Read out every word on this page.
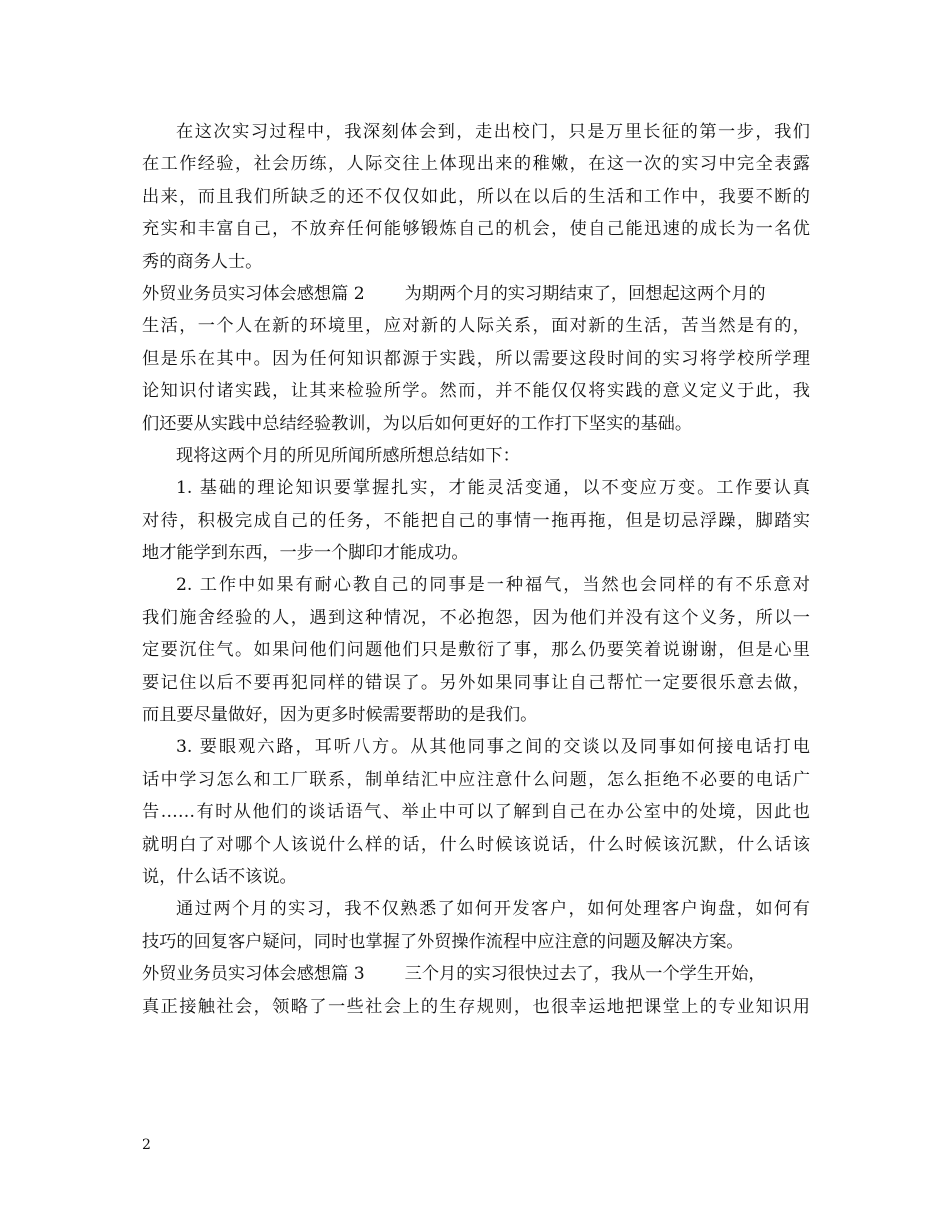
在这次实习过程中，我深刻体会到，走出校门，只是万里长征的第一步，我们
在工作经验，社会历练，人际交往上体现出来的稚嫩，在这一次的实习中完全表露
出来，而且我们所缺乏的还不仅仅如此，所以在以后的生活和工作中，我要不断的
充实和丰富自己，不放弃任何能够锻炼自己的机会，使自己能迅速的成长为一名优
秀的商务人士。
外贸业务员实习体会感想篇 2 为期两个月的实习期结束了，回想起这两个月的
生活，一个人在新的环境里，应对新的人际关系，面对新的生活，苦当然是有的，
但是乐在其中。因为任何知识都源于实践，所以需要这段时间的实习将学校所学理
论知识付诸实践，让其来检验所学。然而，并不能仅仅将实践的意义定义于此，我
们还要从实践中总结经验教训，为以后如何更好的工作打下坚实的基础。
现将这两个月的所见所闻所感所想总结如下：
1. 基础的理论知识要掌握扎实，才能灵活变通，以不变应万变。工作要认真
对待，积极完成自己的任务，不能把自己的事情一拖再拖，但是切忌浮躁，脚踏实
地才能学到东西，一步一个脚印才能成功。
2. 工作中如果有耐心教自己的同事是一种福气，当然也会同样的有不乐意对
我们施舍经验的人，遇到这种情况，不必抱怨，因为他们并没有这个义务，所以一
定要沉住气。如果问他们问题他们只是敷衍了事，那么仍要笑着说谢谢，但是心里
要记住以后不要再犯同样的错误了。另外如果同事让自己帮忙一定要很乐意去做，
而且要尽量做好，因为更多时候需要帮助的是我们。
3. 要眼观六路，耳听八方。从其他同事之间的交谈以及同事如何接电话打电
话中学习怎么和工厂联系，制单结汇中应注意什么问题，怎么拒绝不必要的电话广
告……有时从他们的谈话语气、举止中可以了解到自己在办公室中的处境，因此也
就明白了对哪个人该说什么样的话，什么时候该说话，什么时候该沉默，什么话该
说，什么话不该说。
通过两个月的实习，我不仅熟悉了如何开发客户，如何处理客户询盘，如何有
技巧的回复客户疑问，同时也掌握了外贸操作流程中应注意的问题及解决方案。
外贸业务员实习体会感想篇 3 三个月的实习很快过去了，我从一个学生开始，
真正接触社会，领略了一些社会上的生存规则，也很幸运地把课堂上的专业知识用
2
